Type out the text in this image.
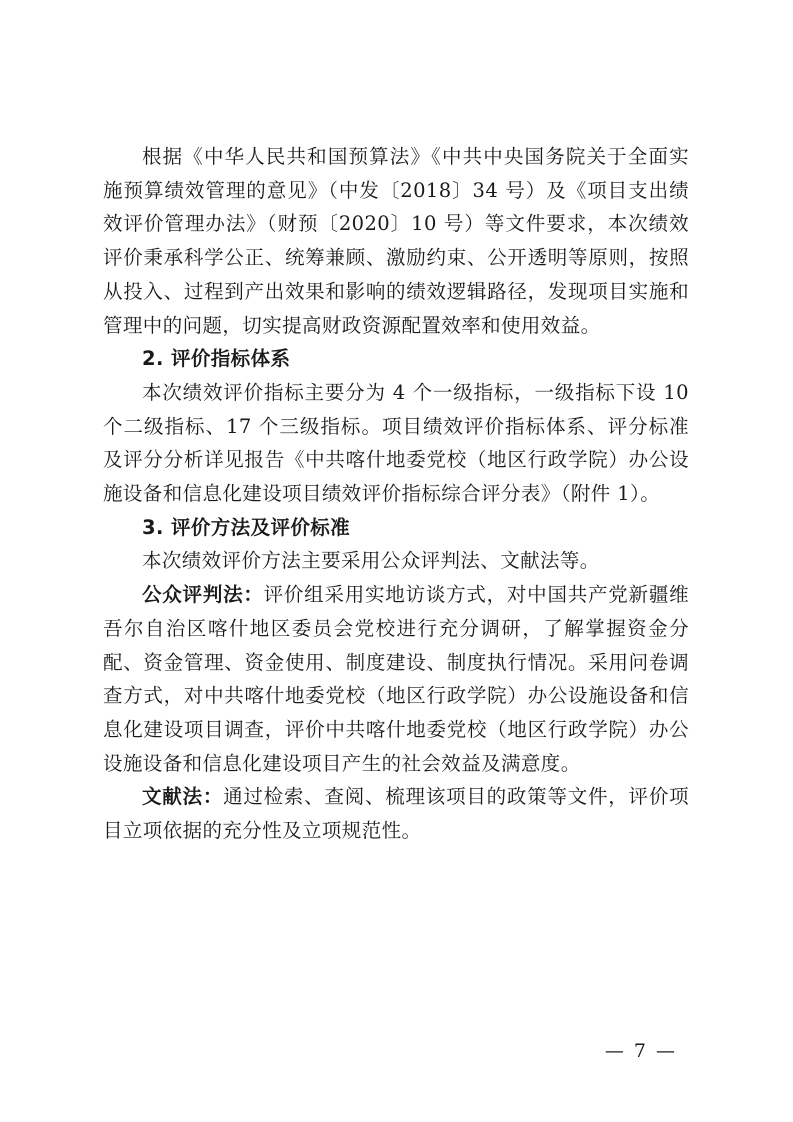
根据《中华人民共和国预算法》《中共中央国务院关于全面实施预算绩效管理的意见》（中发〔2018〕34 号）及《项目支出绩效评价管理办法》（财预〔2020〕10 号）等文件要求，本次绩效评价秉承科学公正、统筹兼顾、激励约束、公开透明等原则，按照从投入、过程到产出效果和影响的绩效逻辑路径，发现项目实施和管理中的问题，切实提高财政资源配置效率和使用效益。

2. 评价指标体系

本次绩效评价指标主要分为 4 个一级指标，一级指标下设 10 个二级指标、17 个三级指标。项目绩效评价指标体系、评分标准及评分分析详见报告《中共喀什地委党校（地区行政学院）办公设施设备和信息化建设项目绩效评价指标综合评分表》（附件 1）。

3. 评价方法及评价标准

本次绩效评价方法主要采用公众评判法、文献法等。

公众评判法：评价组采用实地访谈方式，对中国共产党新疆维吾尔自治区喀什地区委员会党校进行充分调研，了解掌握资金分配、资金管理、资金使用、制度建设、制度执行情况。采用问卷调查方式，对中共喀什地委党校（地区行政学院）办公设施设备和信息化建设项目调查，评价中共喀什地委党校（地区行政学院）办公设施设备和信息化建设项目产生的社会效益及满意度。

文献法：通过检索、查阅、梳理该项目的政策等文件，评价项目立项依据的充分性及立项规范性。

— 7 —
